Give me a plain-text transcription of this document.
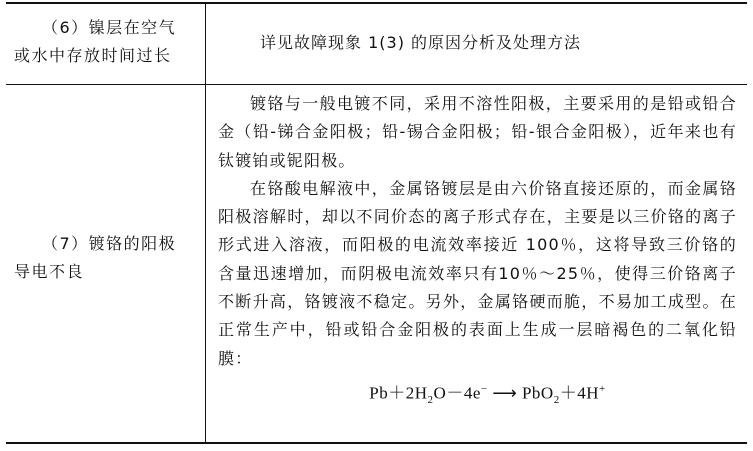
（6）镍层在空气
或水中存放时间过长
详见故障现象 1(3) 的原因分析及处理方法
（7）镀铬的阳极
导电不良

镀铬与一般电镀不同，采用不溶性阳极，主要采用的是铅或铅合金（铅-锑合金阳极；铅-锡合金阳极；铅-银合金阳极），近年来也有钛镀铂或铌阳极。

在铬酸电解液中，金属铬镀层是由六价铬直接还原的，而金属铬阳极溶解时，却以不同价态的离子形式存在，主要是以三价铬的离子形式进入溶液，而阳极的电流效率接近 100％，这将导致三价铬的含量迅速增加，而阴极电流效率只有10％～25％，使得三价铬离子不断升高，铬镀液不稳定。另外，金属铬硬而脆，不易加工成型。在正常生产中，铅或铅合金阳极的表面上生成一层暗褐色的二氧化铅膜：

$Pb+2H_2O-4e^-$ ⟶ PbO$_2$＋4H+
